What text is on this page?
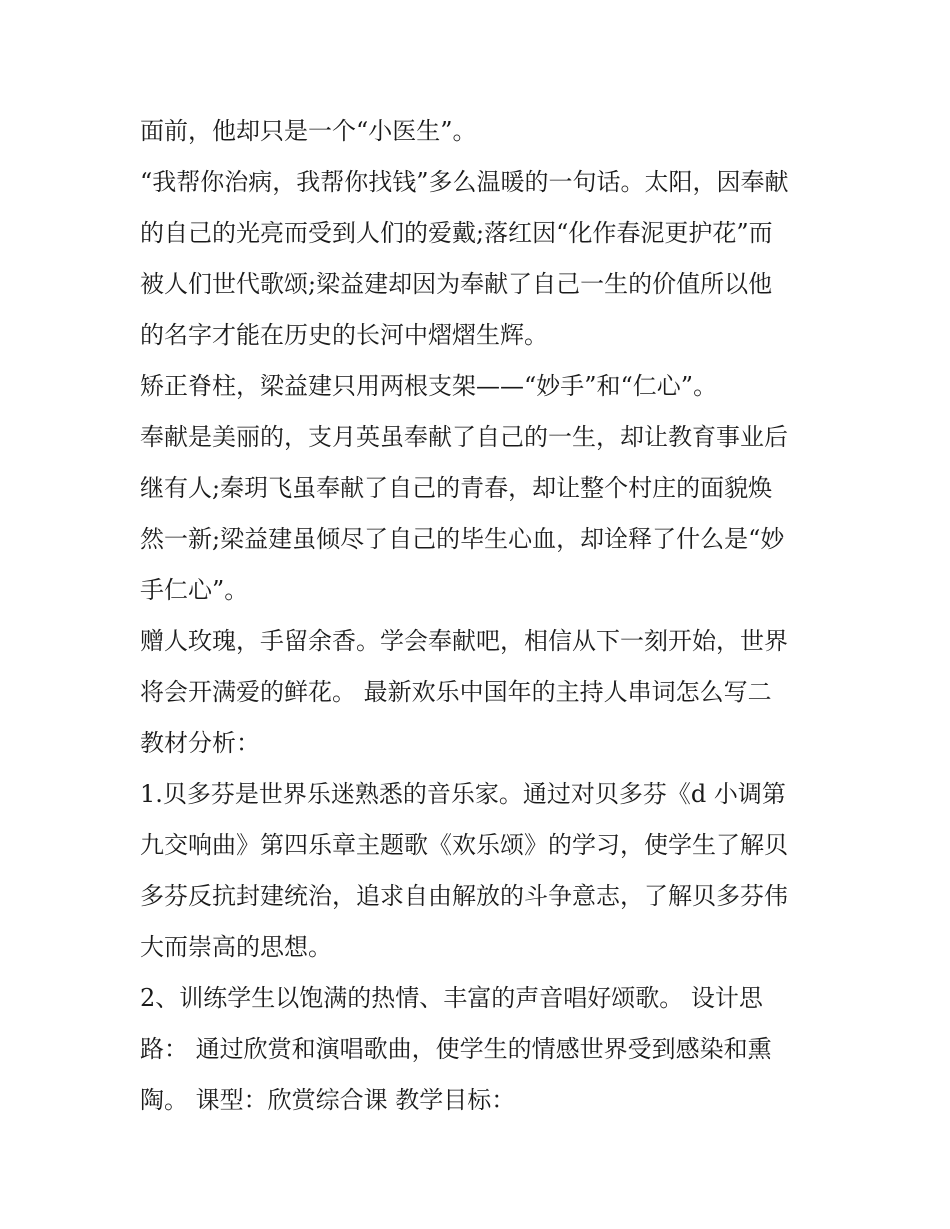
面前，他却只是一个“小医生”。
“我帮你治病，我帮你找钱”多么温暖的一句话。太阳，因奉献
的自己的光亮而受到人们的爱戴;落红因“化作春泥更护花”而
被人们世代歌颂;梁益建却因为奉献了自己一生的价值所以他
的名字才能在历史的长河中熠熠生辉。
矫正脊柱，梁益建只用两根支架——“妙手”和“仁心”。
奉献是美丽的，支月英虽奉献了自己的一生，却让教育事业后
继有人;秦玥飞虽奉献了自己的青春，却让整个村庄的面貌焕
然一新;梁益建虽倾尽了自己的毕生心血，却诠释了什么是“妙
手仁心”。
赠人玫瑰，手留余香。学会奉献吧，相信从下一刻开始，世界
将会开满爱的鲜花。 最新欢乐中国年的主持人串词怎么写二
教材分析：
1.贝多芬是世界乐迷熟悉的音乐家。通过对贝多芬《d 小调第
九交响曲》第四乐章主题歌《欢乐颂》的学习，使学生了解贝
多芬反抗封建统治，追求自由解放的斗争意志，了解贝多芬伟
大而崇高的思想。
2、训练学生以饱满的热情、丰富的声音唱好颂歌。 设计思
路： 通过欣赏和演唱歌曲，使学生的情感世界受到感染和熏
陶。 课型：欣赏综合课 教学目标：
